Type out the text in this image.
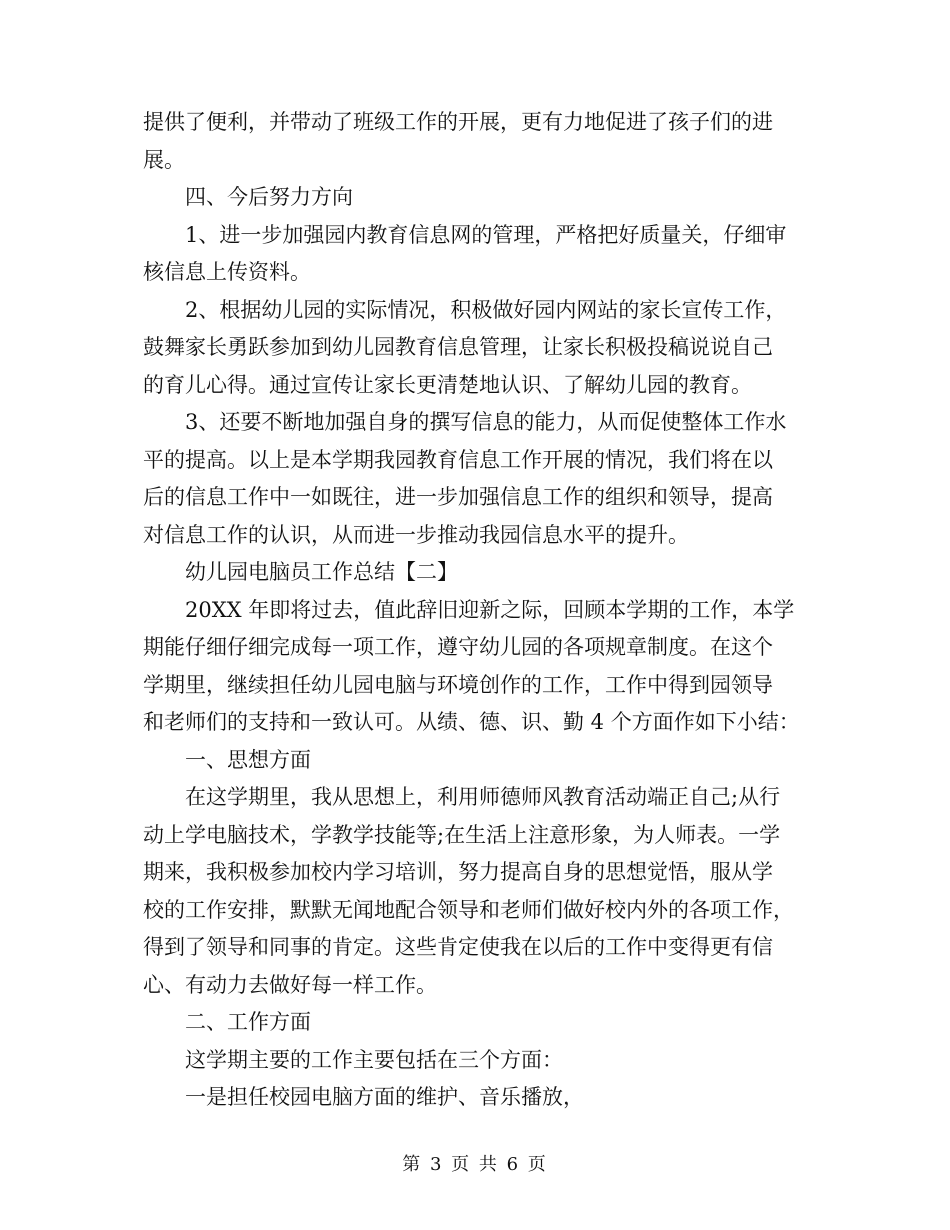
提供了便利，并带动了班级工作的开展，更有力地促进了孩子们的进

展。

四、今后努力方向

1、进一步加强园内教育信息网的管理，严格把好质量关，仔细审

核信息上传资料。

2、根据幼儿园的实际情况，积极做好园内网站的家长宣传工作，

鼓舞家长勇跃参加到幼儿园教育信息管理，让家长积极投稿说说自己

的育儿心得。通过宣传让家长更清楚地认识、了解幼儿园的教育。

3、还要不断地加强自身的撰写信息的能力，从而促使整体工作水

平的提高。以上是本学期我园教育信息工作开展的情况，我们将在以

后的信息工作中一如既往，进一步加强信息工作的组织和领导，提高

对信息工作的认识，从而进一步推动我园信息水平的提升。

幼儿园电脑员工作总结【二】

20XX 年即将过去，值此辞旧迎新之际，回顾本学期的工作，本学

期能仔细仔细完成每一项工作，遵守幼儿园的各项规章制度。在这个

学期里，继续担任幼儿园电脑与环境创作的工作，工作中得到园领导

和老师们的支持和一致认可。从绩、德、识、勤 4 个方面作如下小结：

一、思想方面

在这学期里，我从思想上，利用师德师风教育活动端正自己;从行

动上学电脑技术，学教学技能等;在生活上注意形象，为人师表。一学

期来，我积极参加校内学习培训，努力提高自身的思想觉悟，服从学

校的工作安排，默默无闻地配合领导和老师们做好校内外的各项工作，

得到了领导和同事的肯定。这些肯定使我在以后的工作中变得更有信

心、有动力去做好每一样工作。

二、工作方面

这学期主要的工作主要包括在三个方面：

一是担任校园电脑方面的维护、音乐播放，

第 3 页 共 6 页
